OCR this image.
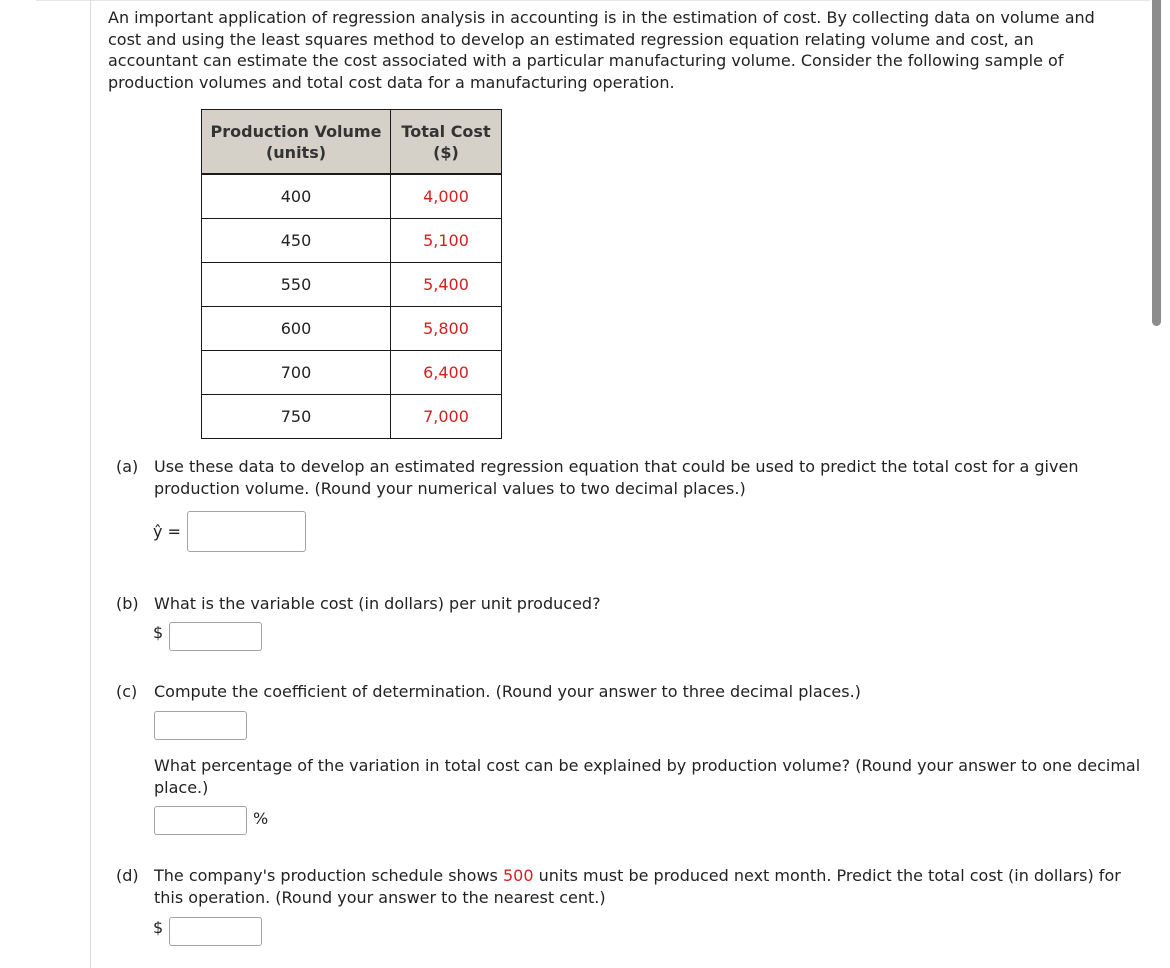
An important application of regression analysis in accounting is in the estimation of cost. By collecting data on volume and cost and using the least squares method to develop an estimated regression equation relating volume and cost, an accountant can estimate the cost associated with a particular manufacturing volume. Consider the following sample of production volumes and total cost data for a manufacturing operation.

Production Volume
(units)	Total Cost
($)
400	4,000
450	5,100
550	5,400
600	5,800
700	6,400
750	7,000
(a) Use these data to develop an estimated regression equation that could be used to predict the total cost for a given production volume. (Round your numerical values to two decimal places.)
ŷ =
(b) What is the variable cost (in dollars) per unit produced?
$
(c) Compute the coefficient of determination. (Round your answer to three decimal places.)
What percentage of the variation in total cost can be explained by production volume? (Round your answer to one decimal place.)
%
(d) The company's production schedule shows 500 units must be produced next month. Predict the total cost (in dollars) for this operation. (Round your answer to the nearest cent.)
$
